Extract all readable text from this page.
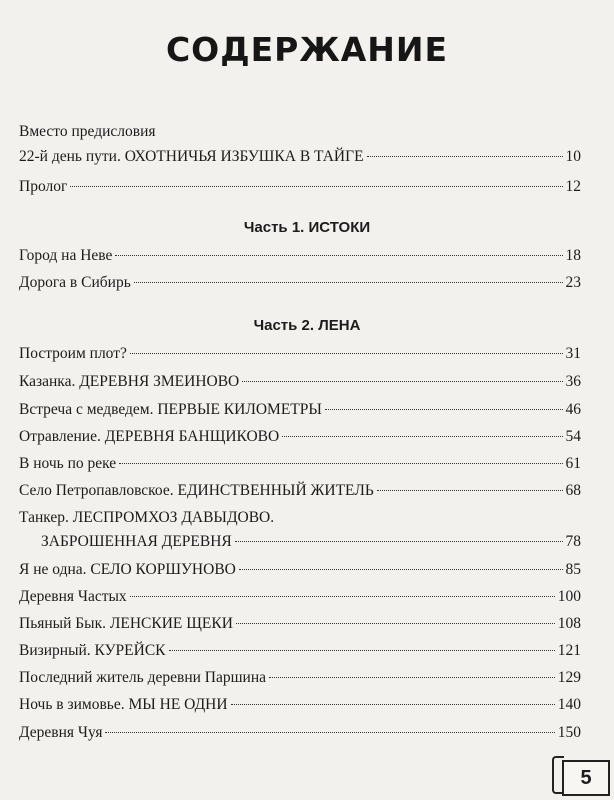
СОДЕРЖАНИЕ
Вместо предисловия
22-й день пути. ОХОТНИЧЬЯ ИЗБУШКА В ТАЙГЕ	10
Пролог	12
Часть 1. ИСТОКИ
Город на Неве	18
Дорога в Сибирь	23
Часть 2. ЛЕНА
Построим плот?	31
Казанка. ДЕРЕВНЯ ЗМЕИНОВО	36
Встреча с медведем. ПЕРВЫЕ КИЛОМЕТРЫ	46
Отравление. ДЕРЕВНЯ БАНЩИКОВО	54
В ночь по реке	61
Село Петропавловское. ЕДИНСТВЕННЫЙ ЖИТЕЛЬ	68
Танкер. ЛЕСПРОМХОЗ ДАВЫДОВО.
ЗАБРОШЕННАЯ ДЕРЕВНЯ	78
Я не одна. СЕЛО КОРШУНОВО	85
Деревня Частых	100
Пьяный Бык. ЛЕНСКИЕ ЩЕКИ	108
Визирный. КУРЕЙСК	121
Последний житель деревни Паршина	129
Ночь в зимовье. МЫ НЕ ОДНИ	140
Деревня Чуя	150
5
